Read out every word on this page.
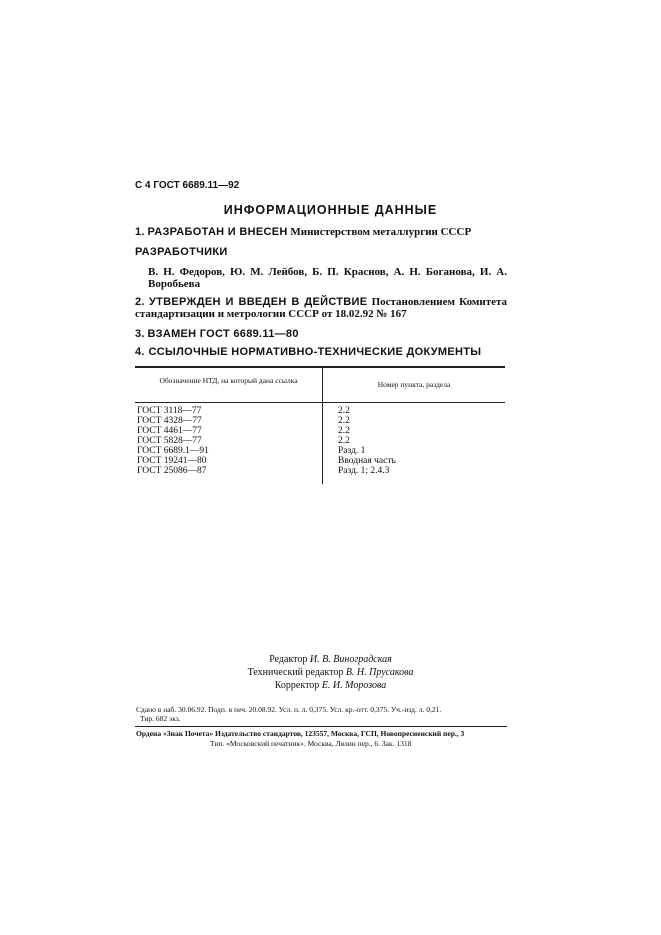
С 4 ГОСТ 6689.11—92
ИНФОРМАЦИОННЫЕ ДАННЫЕ
1. РАЗРАБОТАН И ВНЕСЕН Министерством металлургии СССР
РАЗРАБОТЧИКИ
В. Н. Федоров, Ю. М. Лейбов, Б. П. Краснов, А. Н. Боганова, И. А. Воробьева
2. УТВЕРЖДЕН И ВВЕДЕН В ДЕЙСТВИЕ Постановлением Комитета стандартизации и метрологии СССР от 18.02.92 № 167
3. ВЗАМЕН ГОСТ 6689.11—80
4. ССЫЛОЧНЫЕ НОРМАТИВНО-ТЕХНИЧЕСКИЕ ДОКУМЕНТЫ
Обозначение НТД, на который дана ссылка	Номер пункта, раздела
ГОСТ 3118—77
ГОСТ 4328—77
ГОСТ 4461—77
ГОСТ 5828—77
ГОСТ 6689.1—91
ГОСТ 19241—80
ГОСТ 25086—87
2.2
2.2
2.2
2.2
Разд. 1
Вводная часть
Разд. 1; 2.4.3
Редактор И. В. Виноградская
Технический редактор В. Н. Прусакова
Корректор Е. И. Морозова
Сдано в наб. 30.06.92. Подп. в печ. 20.08.92. Усл. п. л. 0,375. Усл. кр.-отт. 0,375. Уч.-изд. л. 0,21.
Тир. 682 экз.
Ордена «Знак Почета» Издательство стандартов, 123557, Москва, ГСП, Новопресненский пер., 3
Тип. «Московский печатник». Москва, Лялин пер., 6. Зак. 1318
